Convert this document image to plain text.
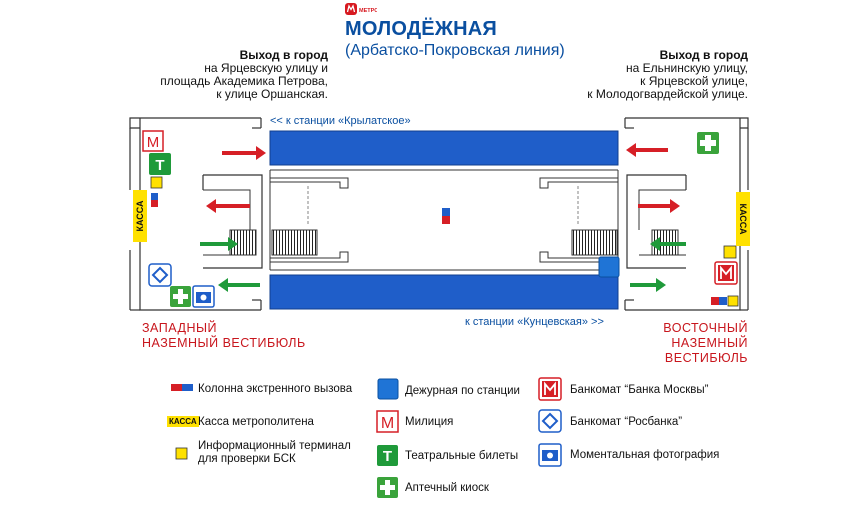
МЕТРО
МОЛОДЁЖНАЯ
(Арбатско-Покровская линия)
Выход в город
на Ярцевскую улицу и
площадь Академика Петрова,
к улице Оршанская.
Выход в город
на Ельнинскую улицу,
к Ярцевской улице,
к Молодогвардейской улице.
<< к станции «Крылатское»
к станции «Кунцевская» >>
М
Т
М
Т
КАССА	КАССА
ЗАПАДНЫЙ
НАЗЕМНЫЙ ВЕСТИБЮЛЬ
ВОСТОЧНЫЙ
НАЗЕМНЫЙ ВЕСТИБЮЛЬ
Колонна экстренного вызова
КАССА Касса метрополитена
Информационный терминал
для проверки БСК
Дежурная по станции
Милиция
Театральные билеты
Аптечный киоск
Банкомат “Банка Москвы”
Банкомат “Росбанка”
Моментальная фотография
